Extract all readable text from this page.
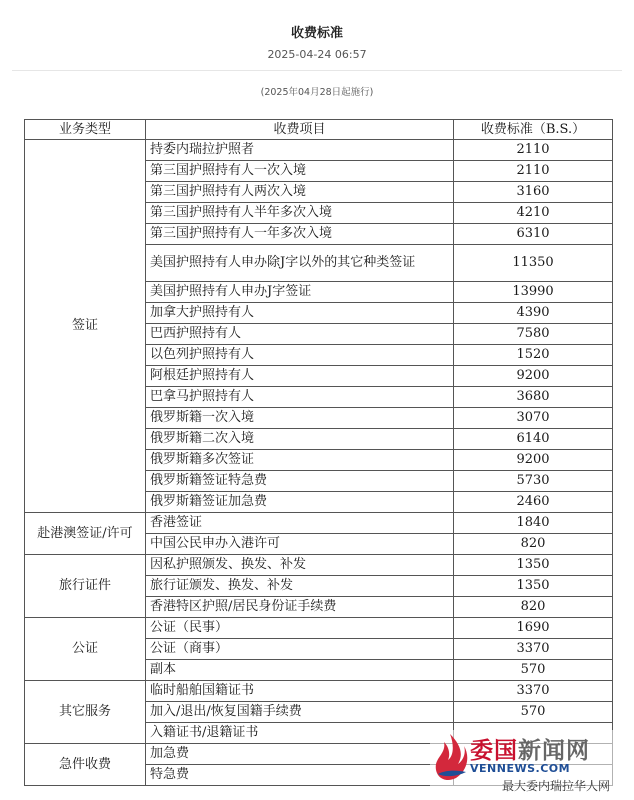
收费标准
2025-04-24 06:57
(2025年04月28日起施行)
业务类型	收费项目	收费标准（B.S.）
签证	持委内瑞拉护照者	2110
	第三国护照持有人一次入境	2110
	第三国护照持有人两次入境	3160
	第三国护照持有人半年多次入境	4210
	第三国护照持有人一年多次入境	6310
	美国护照持有人申办除J字以外的其它种类签证	11350
	美国护照持有人申办J字签证	13990
	加拿大护照持有人	4390
	巴西护照持有人	7580
	以色列护照持有人	1520
	阿根廷护照持有人	9200
	巴拿马护照持有人	3680
	俄罗斯籍一次入境	3070
	俄罗斯籍二次入境	6140
	俄罗斯籍多次签证	9200
	俄罗斯籍签证特急费	5730
	俄罗斯籍签证加急费	2460
赴港澳签证/许可	香港签证	1840
	中国公民申办入港许可	820
旅行证件	因私护照颁发、换发、补发	1350
	旅行证颁发、换发、补发	1350
	香港特区护照/居民身份证手续费	820
公证	公证（民事）	1690
	公证（商事）	3370
	副本	570
其它服务	临时船舶国籍证书	3370
	加入/退出/恢复国籍手续费	570
	入籍证书/退籍证书	
急件收费	加急费	
	特急费	
委国新闻网
VENNEWS.COM
最大委内瑞拉华人网
